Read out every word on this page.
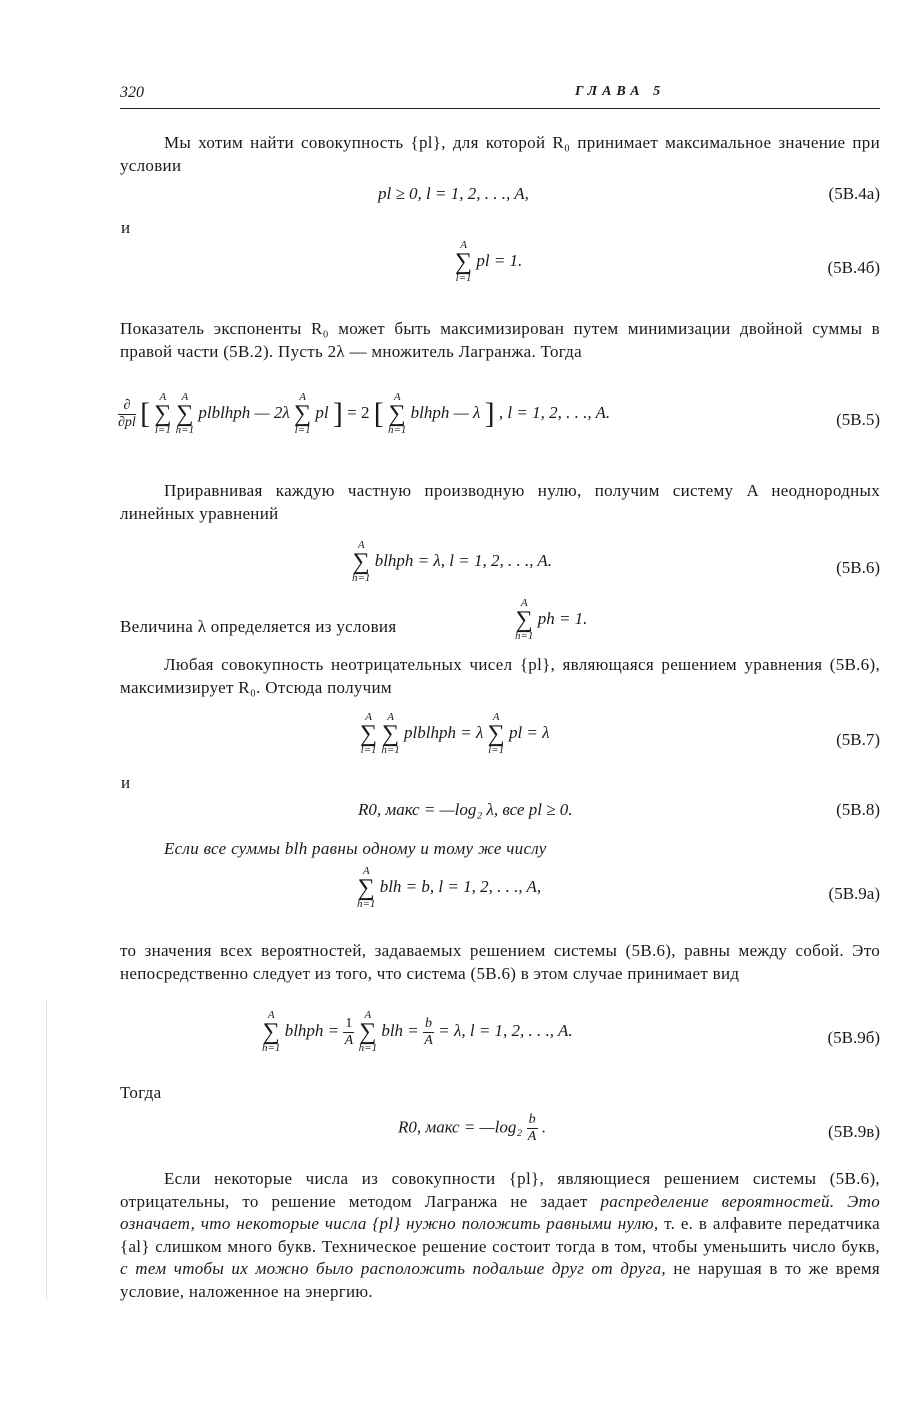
320	ГЛАВА 5
Мы хотим найти совокупность {pl}, для которой R₀ принимает максимальное значение при условии
pl ≥ 0, l = 1, 2, . . ., A,	(5В.4а)
и
A
∑
l=1
pl = 1.	(5В.4б)
Показатель экспоненты R₀ может быть максимизирован путем минимизации двойной суммы в правой части (5В.2). Пусть 2λ — множитель Лагранжа. Тогда
$\frac{\partial}{\partial pl}$ [ A
∑
l=1

A
∑
h=1
plblhph — 2λ
A
∑
l=1
pl ] = 2 [ A
∑
h=1
blhph — λ ] , l = 1, 2, . . ., A.	(5В.5)
Приравнивая каждую частную производную нулю, получим систему A неоднородных линейных уравнений
A
∑
h=1
blhph = λ, l = 1, 2, . . ., A.	(5В.6)
Величина λ определяется из условия
A
∑
h=1
ph = 1.
Любая совокупность неотрицательных чисел {pl}, являющаяся решением уравнения (5В.6), максимизирует R₀. Отсюда получим
A
∑
l=1

A
∑
h=1
plblhph = λ
A
∑
l=1
pl = λ	(5В.7)
и
R0, макс = —log₂ λ, все pl ≥ 0.	(5В.8)
Если все суммы blh равны одному и тому же числу
A
∑
h=1
blh = b, l = 1, 2, . . ., A,	(5В.9а)
то значения всех вероятностей, задаваемых решением системы (5В.6), равны между собой. Это непосредственно следует из того, что система (5В.6) в этом случае принимает вид
A
∑
h=1
blhph = $\frac{1}{A}$

A
∑
h=1
blh = $\frac{b}{A} = \lambda$, l = 1, 2, . . ., A.	(5В.9б)
Тогда
R0, макс = —log₂ $\frac{b}{A}$ .	(5В.9в)
Если некоторые числа из совокупности {pl}, являющиеся решением системы (5В.6), отрицательны, то решение методом Лагранжа не задает распределение вероятностей. Это означает, что некоторые числа {pl} нужно положить равными нулю, т. е. в алфавите передатчика {al} слишком много букв. Техническое решение состоит тогда в том, чтобы уменьшить число букв, с тем чтобы их можно было расположить подальше друг от друга, не нарушая в то же время условие, наложенное на энергию.
